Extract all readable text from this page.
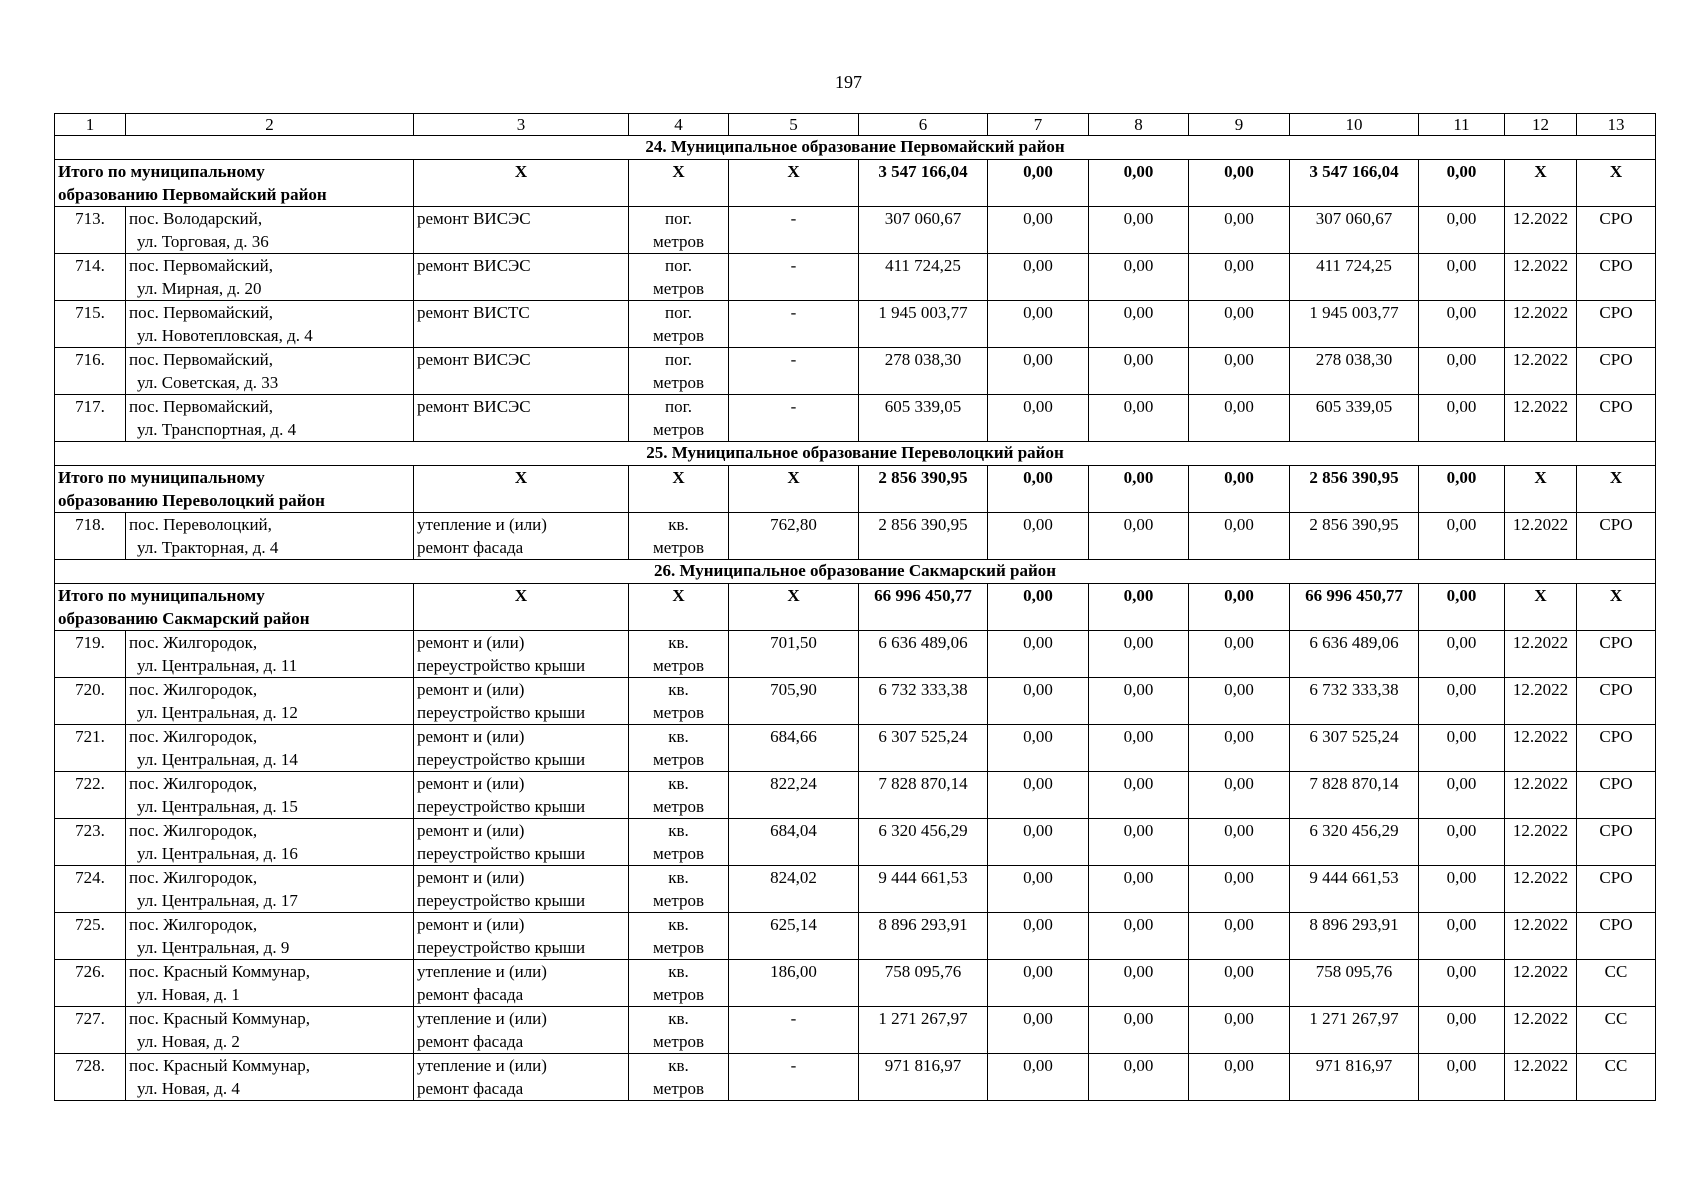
197
1	2	3	4	5	6	7	8	9	10	11	12	13
24. Муниципальное образование Первомайский район												
Итого по муниципальному
образованию Первомайский район		Х	Х	Х	3 547 166,04	0,00	0,00	0,00	3 547 166,04	0,00	Х	Х
713.	пос. Володарский,
ул. Торговая, д. 36	ремонт ВИСЭС	пог.
метров	-	307 060,67	0,00	0,00	0,00	307 060,67	0,00	12.2022	СРО
714.	пос. Первомайский,
ул. Мирная, д. 20	ремонт ВИСЭС	пог.
метров	-	411 724,25	0,00	0,00	0,00	411 724,25	0,00	12.2022	СРО
715.	пос. Первомайский,
ул. Новотепловская, д. 4	ремонт ВИСТС	пог.
метров	-	1 945 003,77	0,00	0,00	0,00	1 945 003,77	0,00	12.2022	СРО
716.	пос. Первомайский,
ул. Советская, д. 33	ремонт ВИСЭС	пог.
метров	-	278 038,30	0,00	0,00	0,00	278 038,30	0,00	12.2022	СРО
717.	пос. Первомайский,
ул. Транспортная, д. 4	ремонт ВИСЭС	пог.
метров	-	605 339,05	0,00	0,00	0,00	605 339,05	0,00	12.2022	СРО
25. Муниципальное образование Переволоцкий район												
Итого по муниципальному
образованию Переволоцкий район		Х	Х	Х	2 856 390,95	0,00	0,00	0,00	2 856 390,95	0,00	Х	Х
718.	пос. Переволоцкий,
ул. Тракторная, д. 4	утепление и (или)
ремонт фасада	кв.
метров	762,80	2 856 390,95	0,00	0,00	0,00	2 856 390,95	0,00	12.2022	СРО
26. Муниципальное образование Сакмарский район												
Итого по муниципальному
образованию Сакмарский район		Х	Х	Х	66 996 450,77	0,00	0,00	0,00	66 996 450,77	0,00	Х	Х
719.	пос. Жилгородок,
ул. Центральная, д. 11	ремонт и (или)
переустройство крыши	кв.
метров	701,50	6 636 489,06	0,00	0,00	0,00	6 636 489,06	0,00	12.2022	СРО
720.	пос. Жилгородок,
ул. Центральная, д. 12	ремонт и (или)
переустройство крыши	кв.
метров	705,90	6 732 333,38	0,00	0,00	0,00	6 732 333,38	0,00	12.2022	СРО
721.	пос. Жилгородок,
ул. Центральная, д. 14	ремонт и (или)
переустройство крыши	кв.
метров	684,66	6 307 525,24	0,00	0,00	0,00	6 307 525,24	0,00	12.2022	СРО
722.	пос. Жилгородок,
ул. Центральная, д. 15	ремонт и (или)
переустройство крыши	кв.
метров	822,24	7 828 870,14	0,00	0,00	0,00	7 828 870,14	0,00	12.2022	СРО
723.	пос. Жилгородок,
ул. Центральная, д. 16	ремонт и (или)
переустройство крыши	кв.
метров	684,04	6 320 456,29	0,00	0,00	0,00	6 320 456,29	0,00	12.2022	СРО
724.	пос. Жилгородок,
ул. Центральная, д. 17	ремонт и (или)
переустройство крыши	кв.
метров	824,02	9 444 661,53	0,00	0,00	0,00	9 444 661,53	0,00	12.2022	СРО
725.	пос. Жилгородок,
ул. Центральная, д. 9	ремонт и (или)
переустройство крыши	кв.
метров	625,14	8 896 293,91	0,00	0,00	0,00	8 896 293,91	0,00	12.2022	СРО
726.	пос. Красный Коммунар,
ул. Новая, д. 1	утепление и (или)
ремонт фасада	кв.
метров	186,00	758 095,76	0,00	0,00	0,00	758 095,76	0,00	12.2022	СС
727.	пос. Красный Коммунар,
ул. Новая, д. 2	утепление и (или)
ремонт фасада	кв.
метров	-	1 271 267,97	0,00	0,00	0,00	1 271 267,97	0,00	12.2022	СС
728.	пос. Красный Коммунар,
ул. Новая, д. 4	утепление и (или)
ремонт фасада	кв.
метров	-	971 816,97	0,00	0,00	0,00	971 816,97	0,00	12.2022	СС
